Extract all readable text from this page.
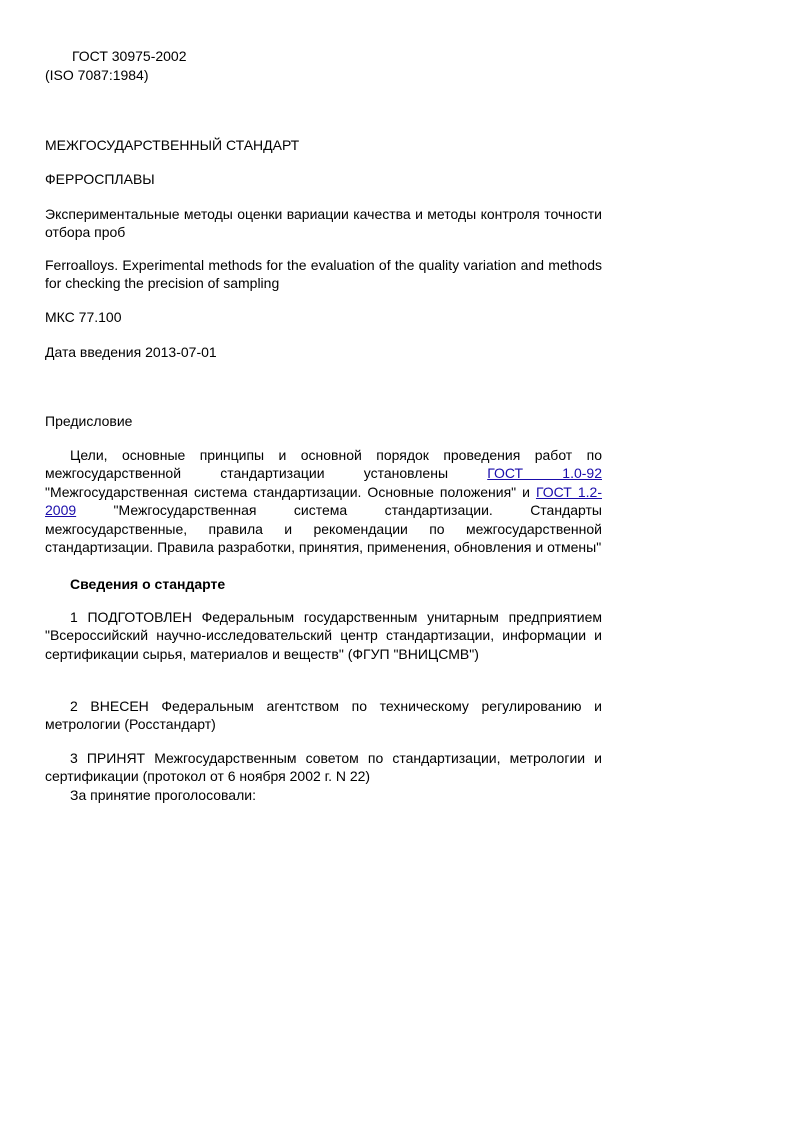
ГОСТ 30975-2002
(ISO 7087:1984)
МЕЖГОСУДАРСТВЕННЫЙ СТАНДАРТ
ФЕРРОСПЛАВЫ
Экспериментальные методы оценки вариации качества и методы контроля точности отбора проб
Ferroalloys. Experimental methods for the evaluation of the quality variation and methods for checking the precision of sampling
МКС 77.100
Дата введения 2013-07-01
Предисловие
Цели, основные принципы и основной порядок проведения работ по межгосударственной стандартизации установлены ГОСТ 1.0-92 "Межгосударственная система стандартизации. Основные положения" и ГОСТ 1.2-2009 "Межгосударственная система стандартизации. Стандарты межгосударственные, правила и рекомендации по межгосударственной стандартизации. Правила разработки, принятия, применения, обновления и отмены"
Сведения о стандарте
1 ПОДГОТОВЛЕН Федеральным государственным унитарным предприятием "Всероссийский научно-исследовательский центр стандартизации, информации и сертификации сырья, материалов и веществ" (ФГУП "ВНИЦСМВ")
2 ВНЕСЕН Федеральным агентством по техническому регулированию и метрологии (Росстандарт)
3 ПРИНЯТ Межгосударственным советом по стандартизации, метрологии и сертификации (протокол от 6 ноября 2002 г. N 22)
За принятие проголосовали:
